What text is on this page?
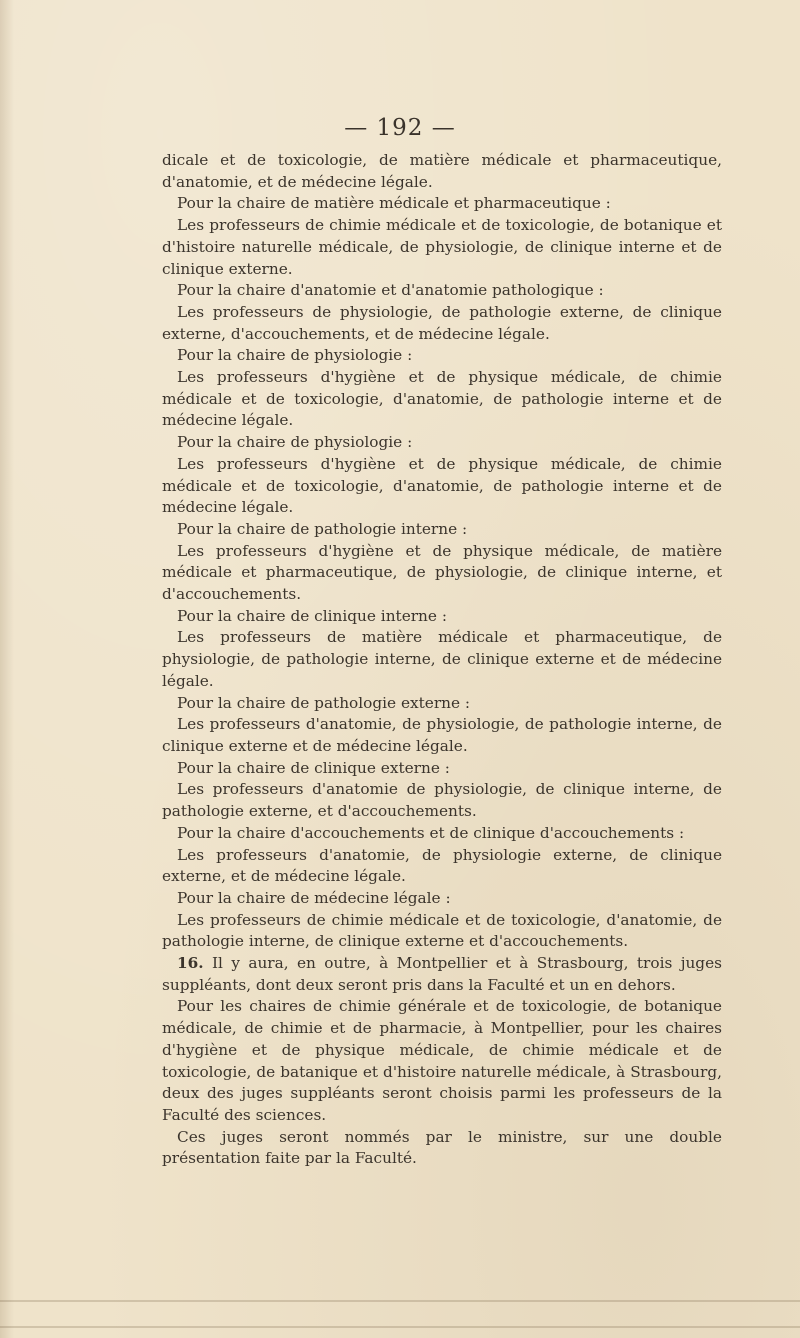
— 192 —

dicale et de toxicologie, de matière médicale et pharmaceutique, d'anatomie, et de médecine légale.

Pour la chaire de matière médicale et pharmaceutique :

Les professeurs de chimie médicale et de toxicologie, de botanique et d'histoire naturelle médicale, de physiologie, de clinique interne et de clinique externe.

Pour la chaire d'anatomie et d'anatomie pathologique :

Les professeurs de physiologie, de pathologie externe, de clinique externe, d'accouchements, et de médecine légale.

Pour la chaire de physiologie :

Les professeurs d'hygiène et de physique médicale, de chimie médicale et de toxicologie, d'anatomie, de pathologie interne et de médecine légale.

Pour la chaire de physiologie :

Les professeurs d'hygiène et de physique médicale, de chimie médicale et de toxicologie, d'anatomie, de pathologie interne et de médecine légale.

Pour la chaire de pathologie interne :

Les professeurs d'hygiène et de physique médicale, de matière médicale et pharmaceutique, de physiologie, de clinique interne, et d'accouchements.

Pour la chaire de clinique interne :

Les professeurs de matière médicale et pharmaceutique, de physiologie, de pathologie interne, de clinique externe et de médecine légale.

Pour la chaire de pathologie externe :

Les professeurs d'anatomie, de physiologie, de pathologie interne, de clinique externe et de médecine légale.

Pour la chaire de clinique externe :

Les professeurs d'anatomie de physiologie, de clinique interne, de pathologie externe, et d'accouchements.

Pour la chaire d'accouchements et de clinique d'accouchements :

Les professeurs d'anatomie, de physiologie externe, de clinique externe, et de médecine légale.

Pour la chaire de médecine légale :

Les professeurs de chimie médicale et de toxicologie, d'anatomie, de pathologie interne, de clinique externe et d'accouchements.

16. Il y aura, en outre, à Montpellier et à Strasbourg, trois juges suppléants, dont deux seront pris dans la Faculté et un en dehors.

Pour les chaires de chimie générale et de toxicologie, de botanique médicale, de chimie et de pharmacie, à Montpellier, pour les chaires d'hygiène et de physique médicale, de chimie médicale et de toxicologie, de batanique et d'histoire naturelle médicale, à Strasbourg, deux des juges suppléants seront choisis parmi les professeurs de la Faculté des sciences.

Ces juges seront nommés par le ministre, sur une double présentation faite par la Faculté.
